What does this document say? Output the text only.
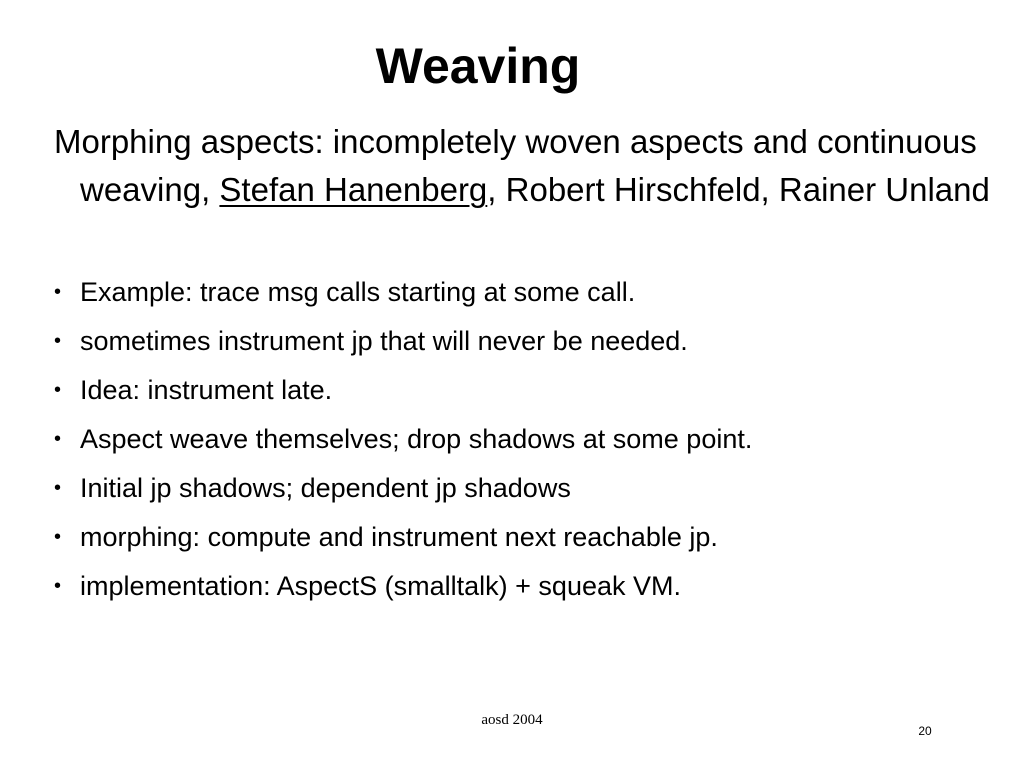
Weaving

Morphing aspects: incompletely woven aspects and continuous weaving, Stefan Hanenberg, Robert Hirschfeld, Rainer Unland

• Example: trace msg calls starting at some call.
• sometimes instrument jp that will never be needed.
• Idea: instrument late.
• Aspect weave themselves; drop shadows at some point.
• Initial jp shadows; dependent jp shadows
• morphing: compute and instrument next reachable jp.
• implementation: AspectS (smalltalk) + squeak VM.
aosd 2004
20
